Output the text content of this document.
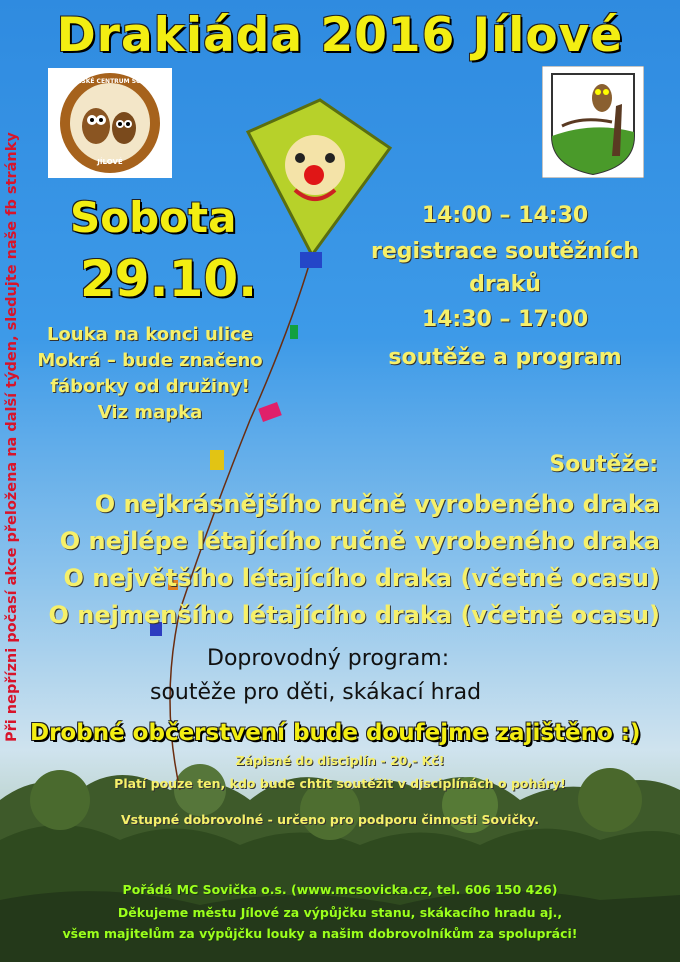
MATEŘSKÉ CENTRUM SOVIČKA
JÍLOVÉ
Drakiáda 2016 Jílové
Při nepřízni počasí akce přeložena na další týden, sledujte naše fb stránky Sobota
29.10.
Louka na konci ulice
Mokrá – bude značeno
fáborky od družiny!
Viz mapka
14:00 – 14:30
registrace soutěžních
draků
14:30 – 17:00
soutěže a program
Soutěže:
O nejkrásnějšího ručně vyrobeného draka
O nejlépe létajícího ručně vyrobeného draka
O největšího létajícího draka (včetně ocasu)
O nejmenšího létajícího draka (včetně ocasu)
Doprovodný program:
soutěže pro děti, skákací hrad
Drobné občerstvení bude doufejme zajištěno :)
Zápisné do disciplín - 20,- Kč!
Platí pouze ten, kdo bude chtít soutěžit v disciplínách o poháry!
Vstupné dobrovolné - určeno pro podporu činnosti Sovičky.
Pořádá MC Sovička o.s. (www.mcsovicka.cz, tel. 606 150 426)
Děkujeme městu Jílové za výpůjčku stanu, skákacího hradu aj.,
všem majitelům za výpůjčku louky a našim dobrovolníkům za spolupráci!
